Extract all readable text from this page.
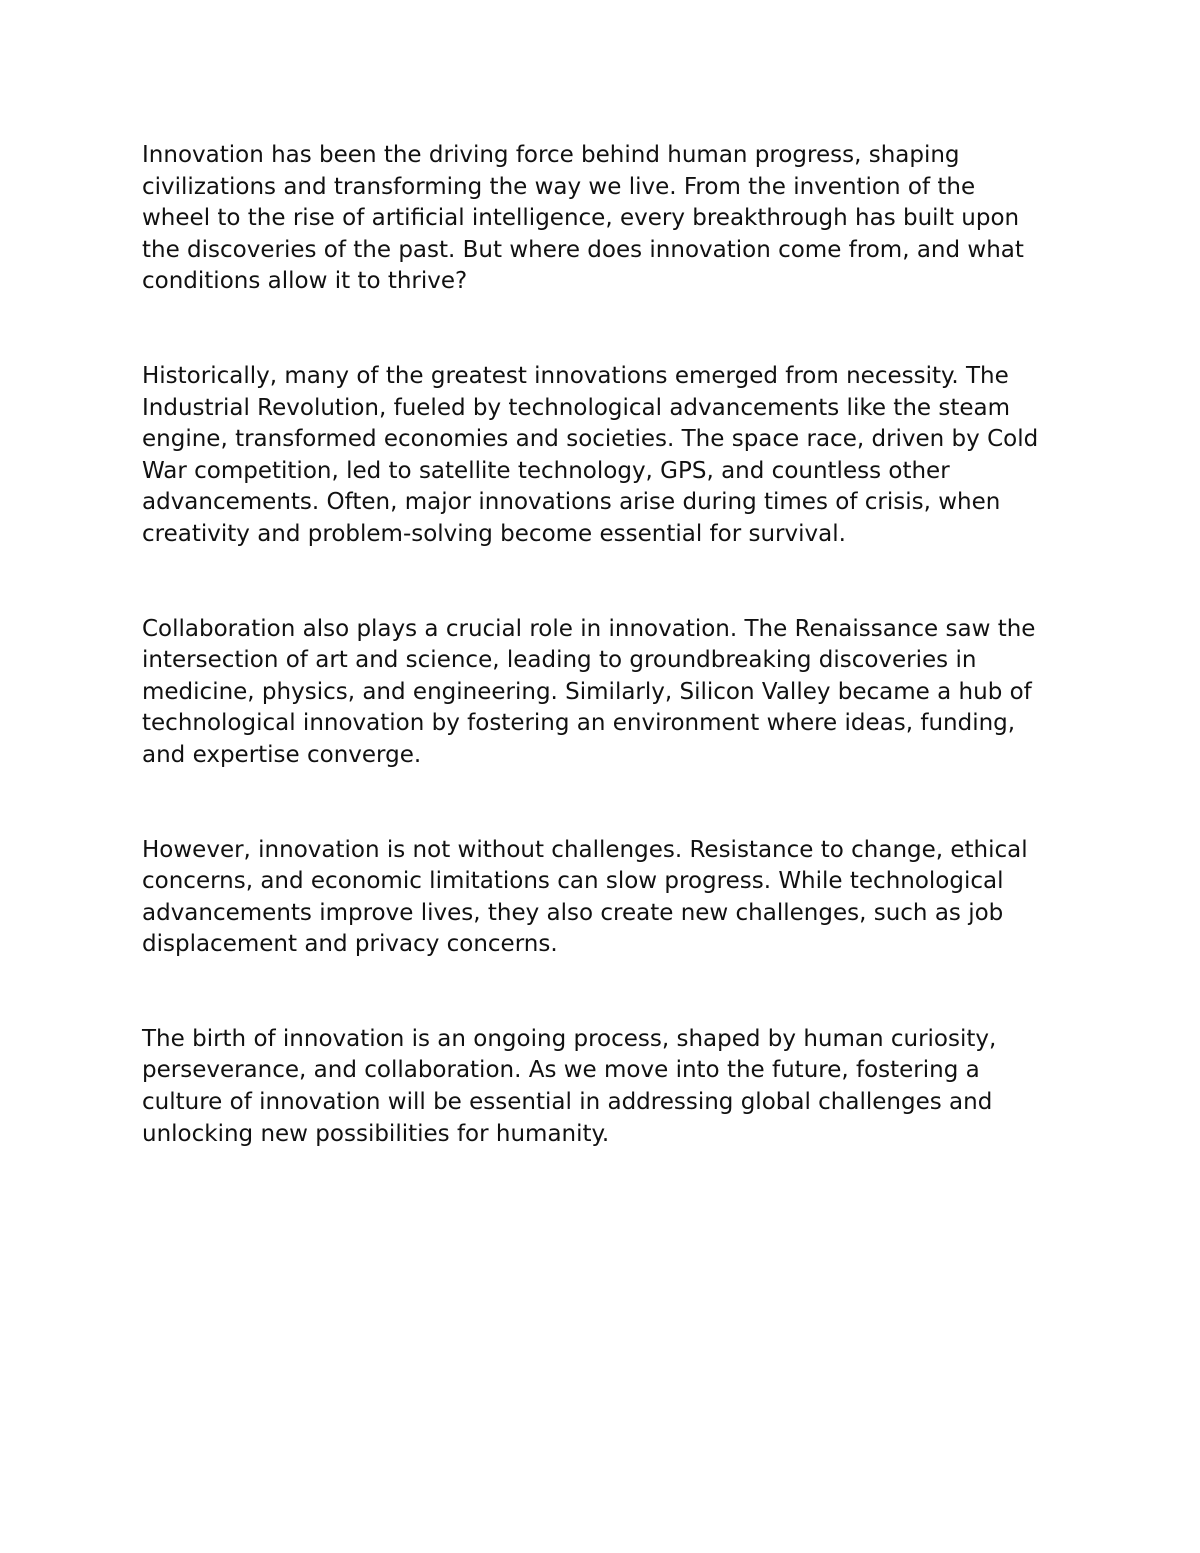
Innovation has been the driving force behind human progress, shaping
civilizations and transforming the way we live. From the invention of the
wheel to the rise of artificial intelligence, every breakthrough has built upon
the discoveries of the past. But where does innovation come from, and what
conditions allow it to thrive?

Historically, many of the greatest innovations emerged from necessity. The
Industrial Revolution, fueled by technological advancements like the steam
engine, transformed economies and societies. The space race, driven by Cold
War competition, led to satellite technology, GPS, and countless other
advancements. Often, major innovations arise during times of crisis, when
creativity and problem-solving become essential for survival.

Collaboration also plays a crucial role in innovation. The Renaissance saw the
intersection of art and science, leading to groundbreaking discoveries in
medicine, physics, and engineering. Similarly, Silicon Valley became a hub of
technological innovation by fostering an environment where ideas, funding,
and expertise converge.

However, innovation is not without challenges. Resistance to change, ethical
concerns, and economic limitations can slow progress. While technological
advancements improve lives, they also create new challenges, such as job
displacement and privacy concerns.

The birth of innovation is an ongoing process, shaped by human curiosity,
perseverance, and collaboration. As we move into the future, fostering a
culture of innovation will be essential in addressing global challenges and
unlocking new possibilities for humanity.
